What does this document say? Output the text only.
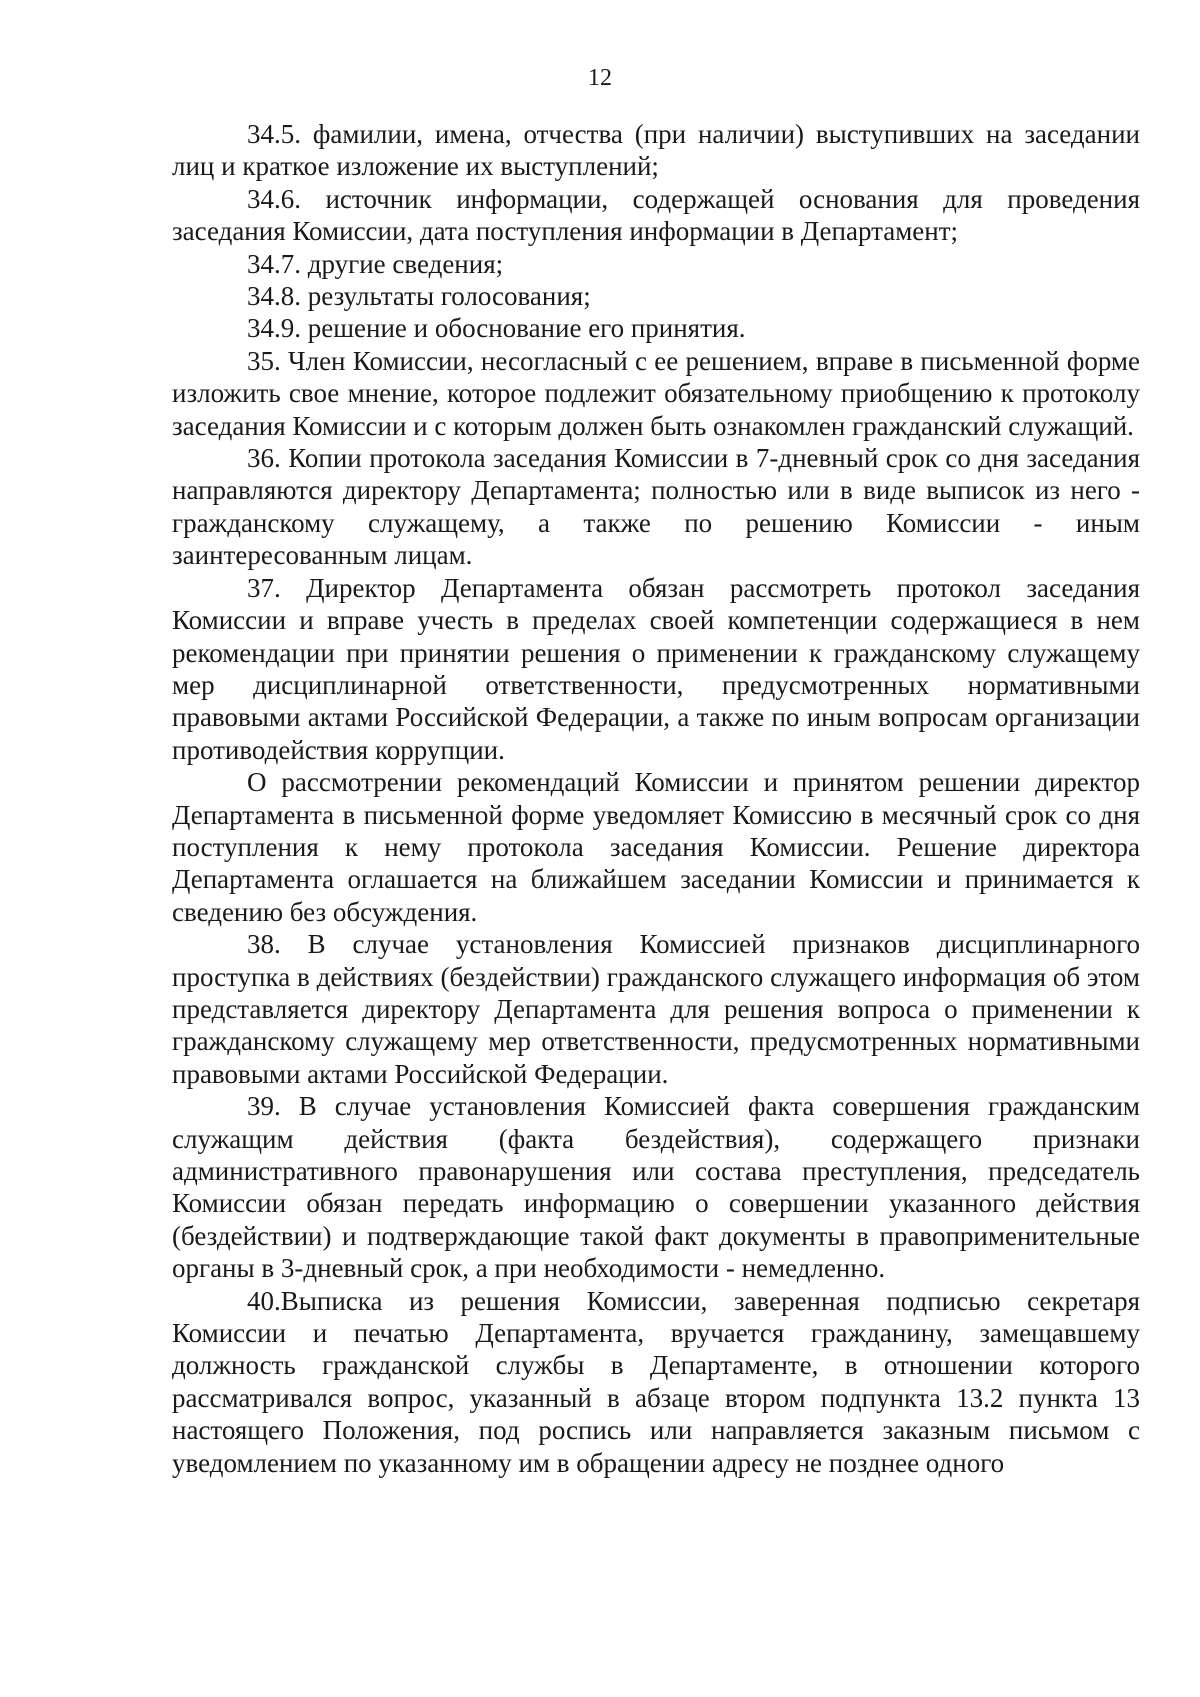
12

34.5. фамилии, имена, отчества (при наличии) выступивших на заседании лиц и краткое изложение их выступлений;

34.6. источник информации, содержащей основания для проведения заседания Комиссии, дата поступления информации в Департамент;

34.7. другие сведения;

34.8. результаты голосования;

34.9. решение и обоснование его принятия.

35. Член Комиссии, несогласный с ее решением, вправе в письменной форме изложить свое мнение, которое подлежит обязательному приобщению к протоколу заседания Комиссии и с которым должен быть ознакомлен гражданский служащий.

36. Копии протокола заседания Комиссии в 7-дневный срок со дня заседания направляются директору Департамента; полностью или в виде выписок из него - гражданскому служащему, а также по решению Комиссии - иным заинтересованным лицам.

37. Директор Департамента обязан рассмотреть протокол заседания Комиссии и вправе учесть в пределах своей компетенции содержащиеся в нем рекомендации при принятии решения о применении к гражданскому служащему мер дисциплинарной ответственности, предусмотренных нормативными правовыми актами Российской Федерации, а также по иным вопросам организации противодействия коррупции.

О рассмотрении рекомендаций Комиссии и принятом решении директор Департамента в письменной форме уведомляет Комиссию в месячный срок со дня поступления к нему протокола заседания Комиссии. Решение директора Департамента оглашается на ближайшем заседании Комиссии и принимается к сведению без обсуждения.

38. В случае установления Комиссией признаков дисциплинарного проступка в действиях (бездействии) гражданского служащего информация об этом представляется директору Департамента для решения вопроса о применении к гражданскому служащему мер ответственности, предусмотренных нормативными правовыми актами Российской Федерации.

39. В случае установления Комиссией факта совершения гражданским служащим действия (факта бездействия), содержащего признаки административного правонарушения или состава преступления, председатель Комиссии обязан передать информацию о совершении указанного действия (бездействии) и подтверждающие такой факт документы в правоприменительные органы в 3-дневный срок, а при необходимости - немедленно.

40.Выписка из решения Комиссии, заверенная подписью секретаря Комиссии и печатью Департамента, вручается гражданину, замещавшему должность гражданской службы в Департаменте, в отношении которого рассматривался вопрос, указанный в абзаце втором подпункта 13.2 пункта 13 настоящего Положения, под роспись или направляется заказным письмом с уведомлением по указанному им в обращении адресу не позднее одного
